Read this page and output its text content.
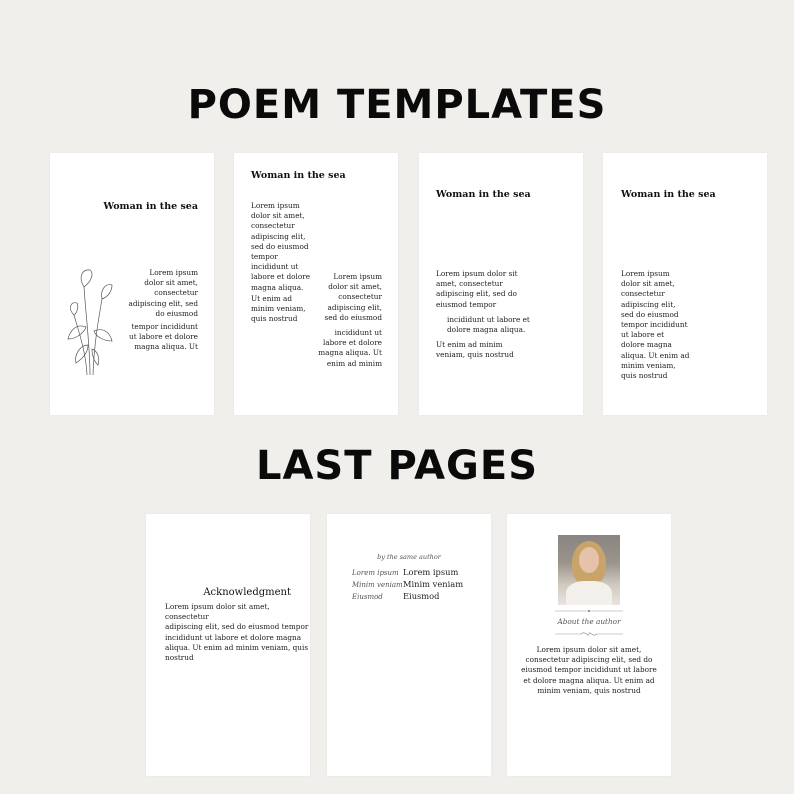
POEM TEMPLATES

Woman in the sea

Lorem ipsum
dolor sit amet,
consectetur
adipiscing elit, sed
do eiusmod

tempor incididunt
ut labore et dolore
magna aliqua. Ut

Woman in the sea

Lorem ipsum
dolor sit amet,
consectetur
adipiscing elit,
sed do eiusmod
tempor
incididunt ut
labore et dolore
magna aliqua.

Ut enim ad
minim veniam,
quis nostrud

Lorem ipsum
dolor sit amet,
consectetur
adipiscing elit,
sed do eiusmod

incididunt ut
labore et dolore
magna aliqua. Ut
enim ad minim

Woman in the sea

Lorem ipsum dolor sit
amet, consectetur
adipiscing elit, sed do
eiusmod tempor

incididunt ut labore et
dolore magna aliqua.

Ut enim ad minim
veniam, quis nostrud

Woman in the sea

Lorem ipsum
dolor sit amet,
consectetur
adipiscing elit,
sed do eiusmod
tempor incididunt
ut labore et
dolore magna
aliqua. Ut enim ad
minim veniam,
quis nostrud

LAST PAGES

Acknowledgment

Lorem ipsum dolor sit amet, consectetur
adipiscing elit, sed do eiusmod tempor
incididunt ut labore et dolore magna
aliqua. Ut enim ad minim veniam, quis
nostrud

by the same author

Lorem ipsum Lorem ipsum

Minim veniam Minim veniam

Eiusmod Eiusmod

About the author

Lorem ipsum dolor sit amet,
consectetur adipiscing elit, sed do
eiusmod tempor incididunt ut labore
et dolore magna aliqua. Ut enim ad
minim veniam, quis nostrud
